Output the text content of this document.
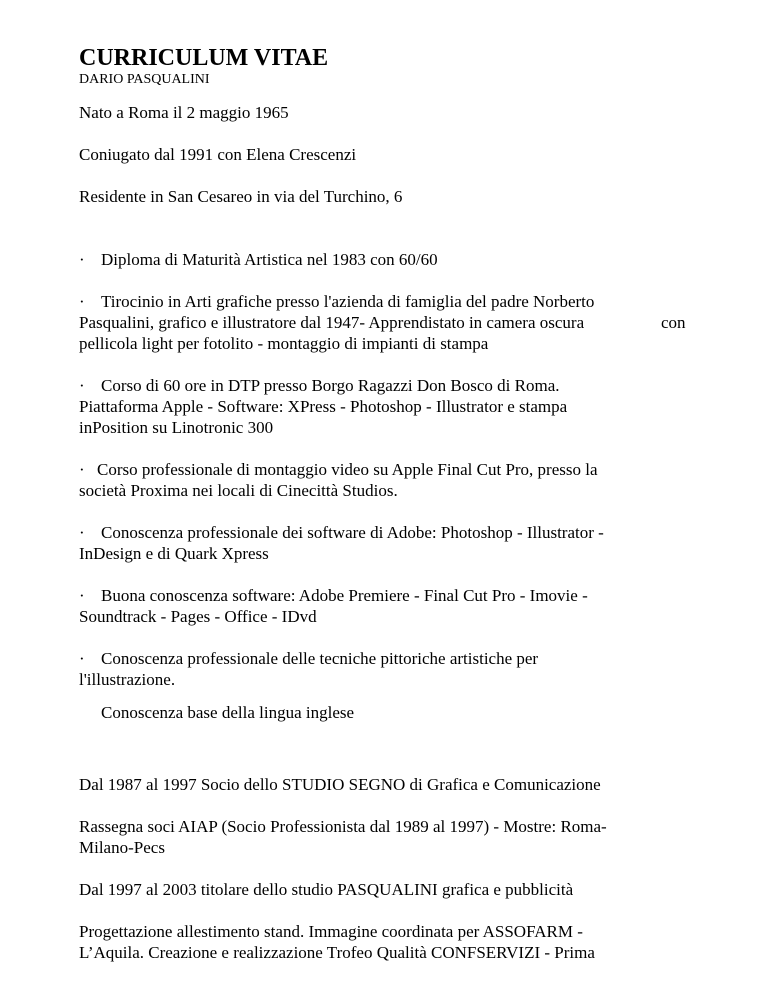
CURRICULUM VITAE

DARIO PASQUALINI

Nato a Roma il 2 maggio 1965

Coniugato dal 1991 con Elena Crescenzi

Residente in San Cesareo in via del Turchino, 6

· Diploma di Maturità Artistica nel 1983 con 60/60

· Tirocinio in Arti grafiche presso l'azienda di famiglia del padre Norberto
Pasqualini, grafico e illustratore dal 1947- Apprendistato in camera oscura	con
pellicola light per fotolito - montaggio di impianti di stampa

· Corso di 60 ore in DTP presso Borgo Ragazzi Don Bosco di Roma.
Piattaforma Apple - Software: XPress - Photoshop - Illustrator e stampa
inPosition su Linotronic 300

· Corso professionale di montaggio video su Apple Final Cut Pro, presso la
società Proxima nei locali di Cinecittà Studios.

· Conoscenza professionale dei software di Adobe: Photoshop - Illustrator -
InDesign e di Quark Xpress

· Buona conoscenza software: Adobe Premiere - Final Cut Pro - Imovie -
Soundtrack - Pages - Office - IDvd

· Conoscenza professionale delle tecniche pittoriche artistiche per
l'illustrazione.

Conoscenza base della lingua inglese

Dal 1987 al 1997 Socio dello STUDIO SEGNO di Grafica e Comunicazione

Rassegna soci AIAP (Socio Professionista dal 1989 al 1997) - Mostre: Roma-
Milano-Pecs

Dal 1997 al 2003 titolare dello studio PASQUALINI grafica e pubblicità

Progettazione allestimento stand. Immagine coordinata per ASSOFARM -
L’Aquila. Creazione e realizzazione Trofeo Qualità CONFSERVIZI - Prima
